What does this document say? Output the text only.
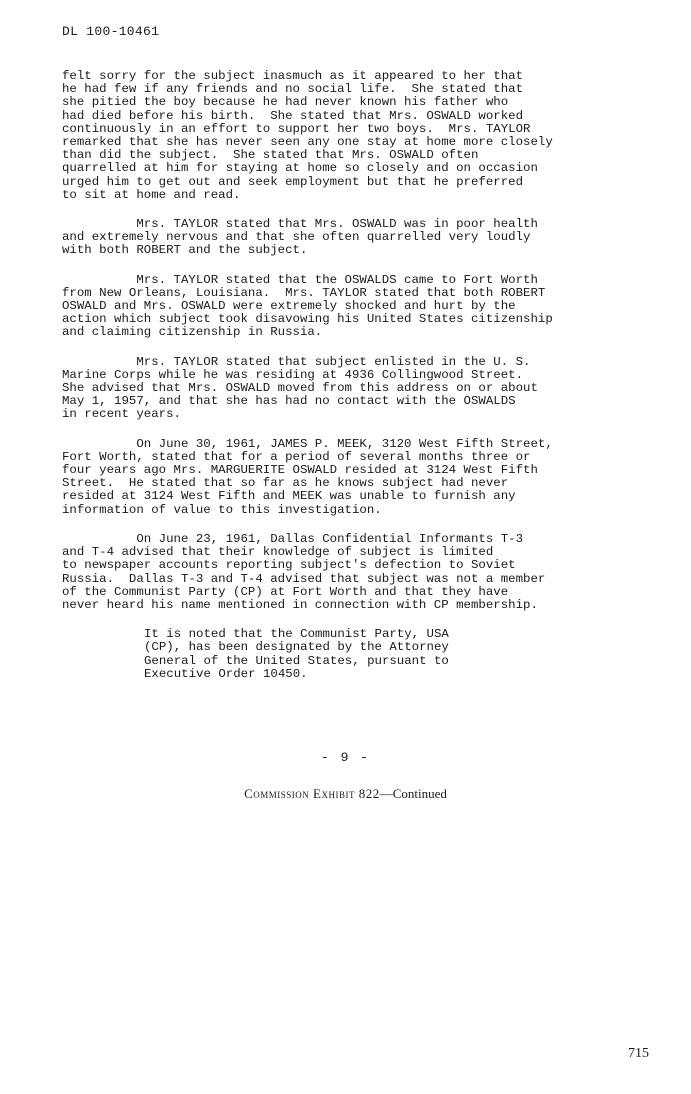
DL 100-10461

felt sorry for the subject inasmuch as it appeared to her that
he had few if any friends and no social life.  She stated that
she pitied the boy because he had never known his father who
had died before his birth.  She stated that Mrs. OSWALD worked
continuously in an effort to support her two boys.  Mrs. TAYLOR
remarked that she has never seen any one stay at home more closely
than did the subject.  She stated that Mrs. OSWALD often
quarrelled at him for staying at home so closely and on occasion
urged him to get out and seek employment but that he preferred
to sit at home and read.

Mrs. TAYLOR stated that Mrs. OSWALD was in poor health
and extremely nervous and that she often quarrelled very loudly
with both ROBERT and the subject.

Mrs. TAYLOR stated that the OSWALDS came to Fort Worth
from New Orleans, Louisiana.  Mrs. TAYLOR stated that both ROBERT
OSWALD and Mrs. OSWALD were extremely shocked and hurt by the
action which subject took disavowing his United States citizenship
and claiming citizenship in Russia.

Mrs. TAYLOR stated that subject enlisted in the U. S.
Marine Corps while he was residing at 4936 Collingwood Street.
She advised that Mrs. OSWALD moved from this address on or about
May 1, 1957, and that she has had no contact with the OSWALDS
in recent years.

On June 30, 1961, JAMES P. MEEK, 3120 West Fifth Street,
Fort Worth, stated that for a period of several months three or
four years ago Mrs. MARGUERITE OSWALD resided at 3124 West Fifth
Street.  He stated that so far as he knows subject had never
resided at 3124 West Fifth and MEEK was unable to furnish any
information of value to this investigation.

On June 23, 1961, Dallas Confidential Informants T-3
and T-4 advised that their knowledge of subject is limited
to newspaper accounts reporting subject's defection to Soviet
Russia.  Dallas T-3 and T-4 advised that subject was not a member
of the Communist Party (CP) at Fort Worth and that they have
never heard his name mentioned in connection with CP membership.

It is noted that the Communist Party, USA
(CP), has been designated by the Attorney
General of the United States, pursuant to
Executive Order 10450.

- 9 -
Commission Exhibit 822—Continued
715
